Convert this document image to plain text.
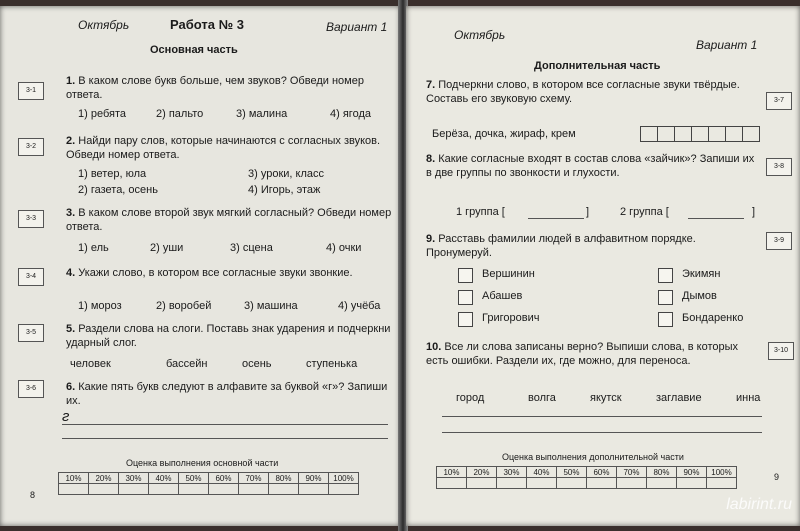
Октябрь	Работа № 3	Вариант 1
Основная часть
3-1
1. В каком слове букв больше, чем звуков? Обведи номер ответа.
1) ребята	2) пальто	3) малина	4) ягода
3-2	2. Найди пару слов, которые начинаются с согласных звуков. Обведи номер ответа.
1) ветер, юла	3) уроки, класс
2) газета, осень	4) Игорь, этаж
3-3	3. В каком слове второй звук мягкий согласный? Обведи номер ответа.
1) ель	2) уши	3) сцена	4) очки
3-4	4. Укажи слово, в котором все согласные звуки звонкие.
1) мороз	2) воробей	3) машина	4) учёба
3-5	5. Раздели слова на слоги. Поставь знак ударения и подчеркни ударный слог.
человек	бассейн	осень	ступенька
3-6	6. Какие пять букв следуют в алфавите за буквой «г»? Запиши их.
г
Оценка выполнения основной части
10%	20%	30%	40%	50%	60%	70%	80%	90%	100%

8
Октябрь
Вариант 1
Дополнительная часть
7. Подчеркни слово, в котором все согласные звуки твёрдые. Составь его звуковую схему.	3-7
Берёза, дочка, жираф, крем
8. Какие согласные входят в состав слова «зайчик»? Запиши их в две группы по звонкости и глухости.
3-8
1 группа [	]	2 группа [	]
9. Расставь фамилии людей в алфавитном порядке. Пронумеруй.
3-9
Вершинин	Экимян
Абашев	Дымов
Григорович	Бондаренко
10. Все ли слова записаны верно? Выпиши слова, в которых есть ошибки. Раздели их, где можно, для переноса.
3-10
город	волга	якутск	заглавие	инна
Оценка выполнения дополнительной части
10%	20%	30%	40%	50%	60%	70%	80%	90%	100%
										9
labirint.ru
